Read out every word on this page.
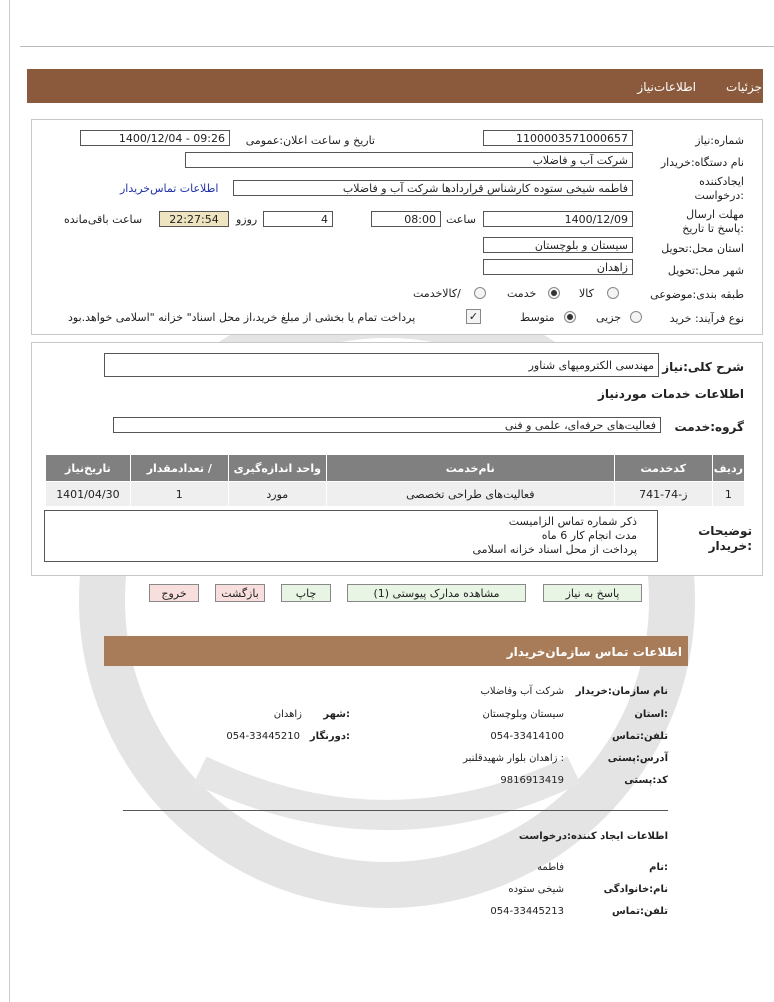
جزئیات
اطلاعات‌نیاز
شماره:نیاز
1100003571000657
تاریخ و ساعت اعلان:عمومی
1400/12/04 - 09:26
نام دستگاه:خریدار
شرکت آب و فاضلاب
ایجادکننده :درخواست
فاطمه شیخی ستوده کارشناس قراردادها شرکت آب و فاضلاب
اطلاعات تماس‌خریدار
مهلت ارسال :پاسخ تا تاریخ
1400/12/09
ساعت
08:00
4
روزو
22:27:54
ساعت باقی‌مانده
استان محل:تحویل
سیستان و بلوچستان
شهر محل:تحویل
زاهدان
طبقه بندی:موضوعی
کالا
خدمت
/کالاخدمت
نوع فرآیند: خرید
جزیی
متوسط
✓
پرداخت تمام یا بخشی از مبلغ خرید،از محل اسناد" خزانه "اسلامی خواهد.بود
شرح کلی:نیاز
مهندسی الکترومپهای شناور
اطلاعات خدمات موردنیاز
گروه:خدمت
فعالیت‌های حرفه‌ای، علمی و فنی
ردیف	کدخدمت	نام‌خدمت	واحد اندازه‌گیری	/ تعدادمقدار	تاریخ‌نیاز
1	ز-74-741	فعالیت‌های طراحی تخصصی	مورد	1	1401/04/30
توضیحات :خریدار
ذکر شماره تماس الزامیست
مدت انجام کار 6 ماه
پرداخت از محل اسناد خزانه اسلامی
پاسخ به نیاز
مشاهده مدارک پیوستی (1)
چاپ
بازگشت
خروج
اطلاعات تماس سازمان‌خریدار
نام سازمان:خریدار
شرکت آب وفاضلاب
:استان
سیستان وبلوچستان
:شهر
زاهدان
تلفن:تماس
054-33414100
:دورنگار
054-33445210
آدرس:پستی
: زاهدان بلوار شهیدقلنبر
کد:پستی
9816913419
اطلاعات ایجاد کننده:درخواست
:نام
فاطمه
نام:خانوادگی
شیخی ستوده
تلفن:تماس
054-33445213
